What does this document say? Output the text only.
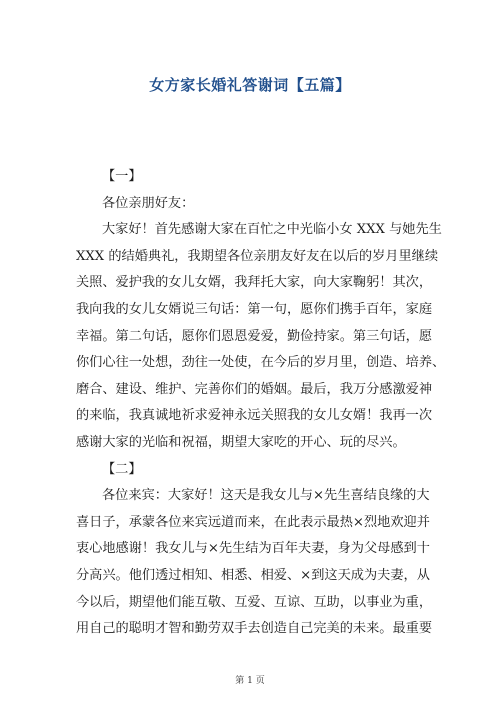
女方家长婚礼答谢词【五篇】
【一】
各位亲朋好友：
大家好！首先感谢大家在百忙之中光临小女 XXX 与她先生
XXX 的结婚典礼，我期望各位亲朋友好友在以后的岁月里继续
关照、爱护我的女儿女婿，我拜托大家，向大家鞠躬！其次，
我向我的女儿女婿说三句话：第一句，愿你们携手百年，家庭
幸福。第二句话，愿你们恩恩爱爱，勤俭持家。第三句话，愿
你们心往一处想，劲往一处使，在今后的岁月里，创造、培养、
磨合、建设、维护、完善你们的婚姻。最后，我万分感激爱神
的来临，我真诚地祈求爱神永远关照我的女儿女婿！我再一次
感谢大家的光临和祝福，期望大家吃的开心、玩的尽兴。
【二】
各位来宾：大家好！这天是我女儿与×先生喜结良缘的大
喜日子，承蒙各位来宾远道而来，在此表示最热×烈地欢迎并
衷心地感谢！我女儿与×先生结为百年夫妻，身为父母感到十
分高兴。他们透过相知、相悉、相爱、×到这天成为夫妻，从
今以后，期望他们能互敬、互爱、互谅、互助，以事业为重，
用自己的聪明才智和勤劳双手去创造自己完美的未来。最重要
第 1 页
